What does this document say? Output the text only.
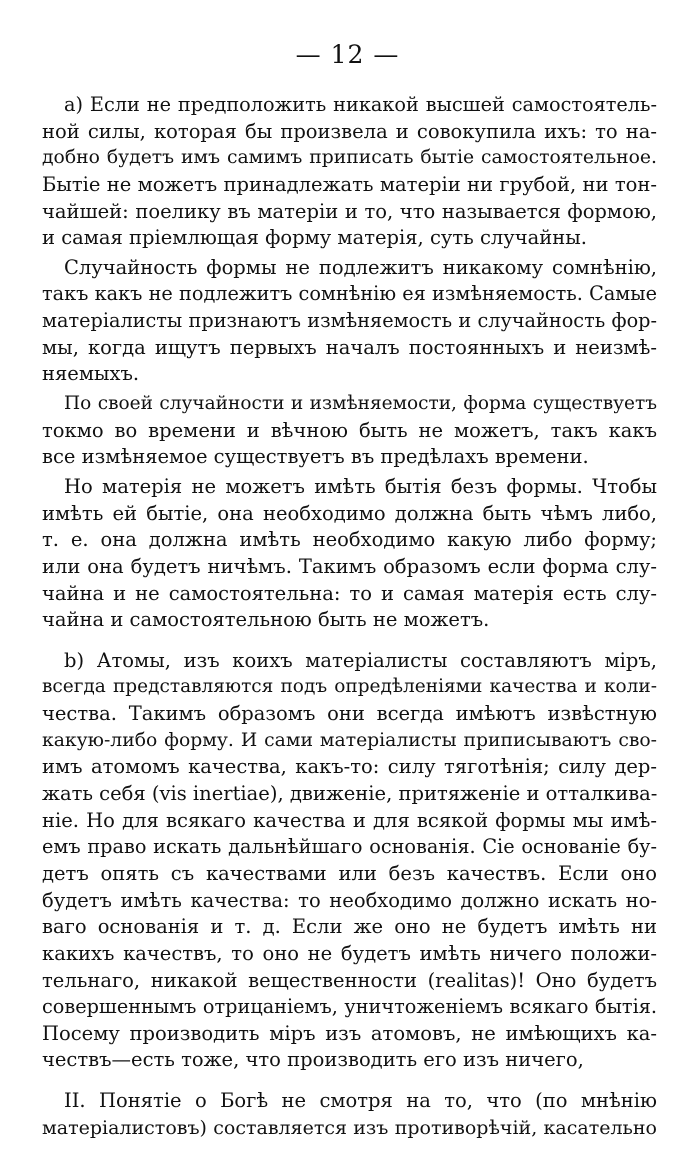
— 12 —
а) Если не предположить никакой высшей самостоятель-
ной силы, которая бы произвела и совокупила ихъ: то на-
добно будетъ имъ самимъ приписать бытіе самостоятельное.
Бытіе не можетъ принадлежать матеріи ни грубой, ни тон-
чайшей: поелику въ матеріи и то, что называется формою,
и самая пріемлющая форму матерія, суть случайны.
Случайность формы не подлежитъ никакому сомнѣнію,
такъ какъ не подлежитъ сомнѣнію ея измѣняемость. Самые
матеріалисты признаютъ измѣняемость и случайность фор-
мы, когда ищутъ первыхъ началъ постоянныхъ и неизмѣ-
няемыхъ.
По своей случайности и измѣняемости, форма существуетъ
токмо во времени и вѣчною быть не можетъ, такъ какъ
все измѣняемое существуетъ въ предѣлахъ времени.
Но матерія не можетъ имѣть бытія безъ формы. Чтобы
имѣть ей бытіе, она необходимо должна быть чѣмъ либо,
т. е. она должна имѣть необходимо какую либо форму;
или она будетъ ничѣмъ. Такимъ образомъ если форма слу-
чайна и не самостоятельна: то и самая матерія есть слу-
чайна и самостоятельною быть не можетъ.
b) Атомы, изъ коихъ матеріалисты составляютъ міръ,
всегда представляются подъ опредѣленіями качества и коли-
чества. Такимъ образомъ они всегда имѣютъ извѣстную
какую-либо форму. И сами матеріалисты приписываютъ сво-
имъ атомомъ качества, какъ-то: силу тяготѣнія; силу дер-
жать себя (vis inertiae), движеніе, притяженіе и отталкива-
ніе. Но для всякаго качества и для всякой формы мы имѣ-
емъ право искать дальнѣйшаго основанія. Сіе основаніе бу-
детъ опять съ качествами или безъ качествъ. Если оно
будетъ имѣть качества: то необходимо должно искать но-
ваго основанія и т. д. Если же оно не будетъ имѣть ни
какихъ качествъ, то оно не будетъ имѣть ничего положи-
тельнаго, никакой вещественности (realitas)! Оно будетъ
совершеннымъ отрицаніемъ, уничтоженіемъ всякаго бытія.
Посему производить міръ изъ атомовъ, не имѣющихъ ка-
чествъ—есть тоже, что производить его изъ ничего,
II. Понятіе о Богѣ не смотря на то, что (по мнѣнію
матеріалистовъ) составляется изъ противорѣчій, касательно
